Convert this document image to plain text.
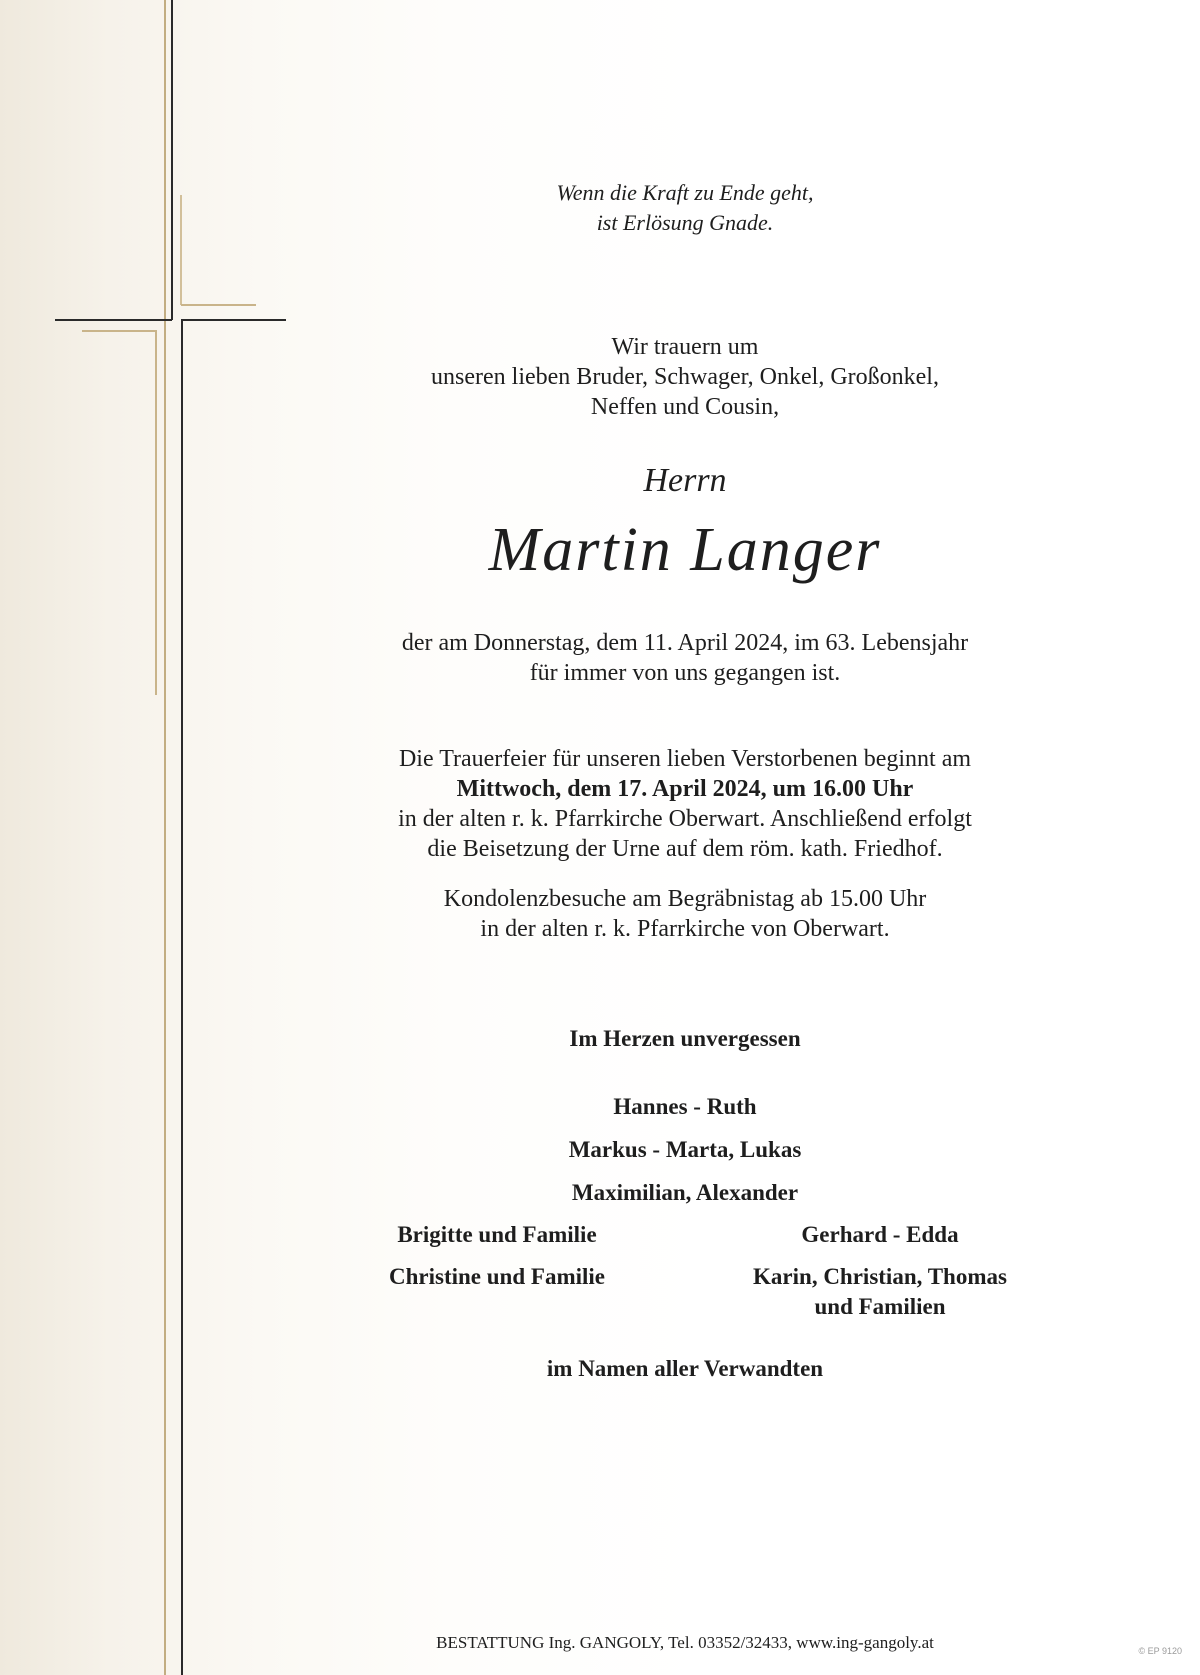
Wenn die Kraft zu Ende geht,
ist Erlösung Gnade.
Wir trauern um
unseren lieben Bruder, Schwager, Onkel, Großonkel,
Neffen und Cousin,
Herrn
Martin Langer
der am Donnerstag, dem 11. April 2024, im 63. Lebensjahr
für immer von uns gegangen ist.
Die Trauerfeier für unseren lieben Verstorbenen beginnt am
Mittwoch, dem 17. April 2024, um 16.00 Uhr
in der alten r. k. Pfarrkirche Oberwart. Anschließend erfolgt
die Beisetzung der Urne auf dem röm. kath. Friedhof.
Kondolenzbesuche am Begräbnistag ab 15.00 Uhr
in der alten r. k. Pfarrkirche von Oberwart.
Im Herzen unvergessen
Hannes - Ruth
Markus - Marta, Lukas
Maximilian, Alexander
Brigitte und Familie
Christine und Familie
Gerhard - Edda
Karin, Christian, Thomas
und Familien
im Namen aller Verwandten
BESTATTUNG Ing. GANGOLY, Tel. 03352/32433, www.ing-gangoly.at	© EP 9120
